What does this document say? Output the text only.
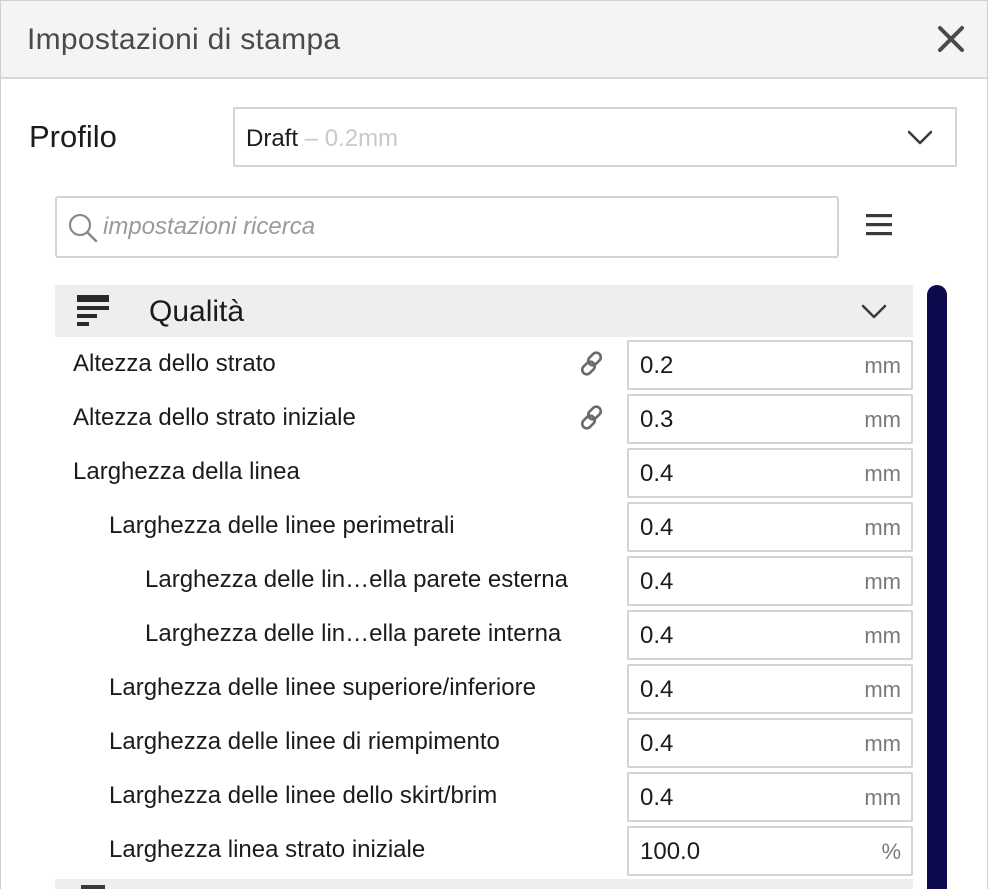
Impostazioni di stampa
Profilo	Draft – 0.2mm
impostazioni ricerca
Qualità
Altezza dello strato	0.2	mm
Altezza dello strato iniziale	0.3	mm
Larghezza della linea	0.4	mm
Larghezza delle linee perimetrali	0.4	mm
Larghezza delle lin…ella parete esterna	0.4	mm
Larghezza delle lin…ella parete interna	0.4	mm
Larghezza delle linee superiore/inferiore	0.4	mm
Larghezza delle linee di riempimento	0.4	mm
Larghezza delle linee dello skirt/brim	0.4	mm
Larghezza linea strato iniziale	100.0	%
